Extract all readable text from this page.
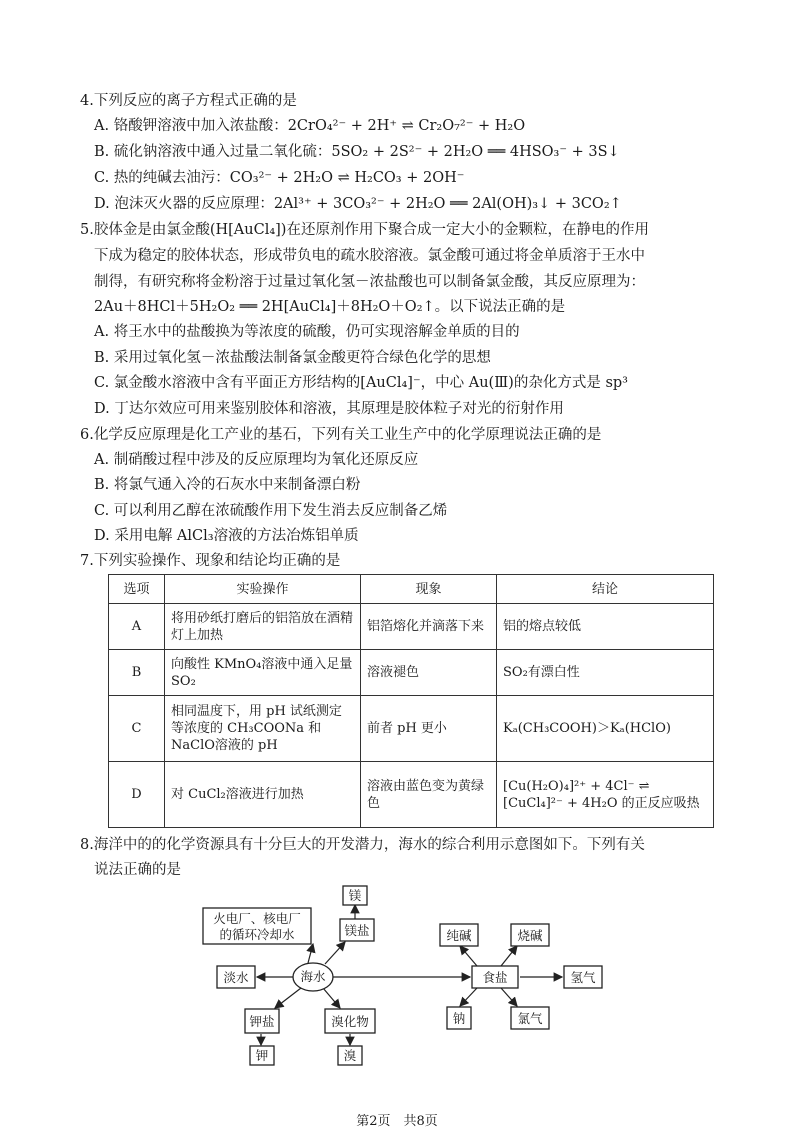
4.下列反应的离子方程式正确的是
A. 铬酸钾溶液中加入浓盐酸：2CrO₄²⁻ + 2H⁺ ⇌ Cr₂O₇²⁻ + H₂O
B. 硫化钠溶液中通入过量二氧化硫：5SO₂ + 2S²⁻ + 2H₂O ══ 4HSO₃⁻ + 3S↓
C. 热的纯碱去油污：CO₃²⁻ + 2H₂O ⇌ H₂CO₃ + 2OH⁻
D. 泡沫灭火器的反应原理：2Al³⁺ + 3CO₃²⁻ + 2H₂O ══ 2Al(OH)₃↓ + 3CO₂↑
5.胶体金是由氯金酸(H[AuCl₄])在还原剂作用下聚合成一定大小的金颗粒，在静电的作用
下成为稳定的胶体状态，形成带负电的疏水胶溶液。氯金酸可通过将金单质溶于王水中
制得，有研究称将金粉溶于过量过氧化氢－浓盐酸也可以制备氯金酸，其反应原理为：
2Au＋8HCl＋5H₂O₂ ══ 2H[AuCl₄]＋8H₂O＋O₂↑。以下说法正确的是
A. 将王水中的盐酸换为等浓度的硫酸，仍可实现溶解金单质的目的
B. 采用过氧化氢－浓盐酸法制备氯金酸更符合绿色化学的思想
C. 氯金酸水溶液中含有平面正方形结构的[AuCl₄]⁻，中心 Au(Ⅲ)的杂化方式是 sp³
D. 丁达尔效应可用来鉴别胶体和溶液，其原理是胶体粒子对光的衍射作用
6.化学反应原理是化工产业的基石，下列有关工业生产中的化学原理说法正确的是
A. 制硝酸过程中涉及的反应原理均为氧化还原反应
B. 将氯气通入冷的石灰水中来制备漂白粉
C. 可以利用乙醇在浓硫酸作用下发生消去反应制备乙烯
D. 采用电解 AlCl₃溶液的方法冶炼铝单质
7.下列实验操作、现象和结论均正确的是
选项	实验操作	现象	结论
A	将用砂纸打磨后的铝箔放在酒精灯上加热	铝箔熔化并滴落下来	铝的熔点较低
B	向酸性 KMnO₄溶液中通入足量 SO₂	溶液褪色	SO₂有漂白性
C	相同温度下，用 pH 试纸测定等浓度的 CH₃COONa 和 NaClO溶液的 pH	前者 pH 更小	Kₐ(CH₃COOH)＞Kₐ(HClO)
D	对 CuCl₂溶液进行加热	溶液由蓝色变为黄绿色	[Cu(H₂O)₄]²⁺ + 4Cl⁻ ⇌ [CuCl₄]²⁻ + 4H₂O 的正反应吸热
8.海洋中的的化学资源具有十分巨大的开发潜力，海水的综合利用示意图如下。下列有关
说法正确的是
海水
火电厂、核电厂
的循环冷却水	镁盐
镁
淡水
钾盐
钾
溴化物
溴
食盐
纯碱	烧碱
氢气
钠	氯气
第2页　共8页
